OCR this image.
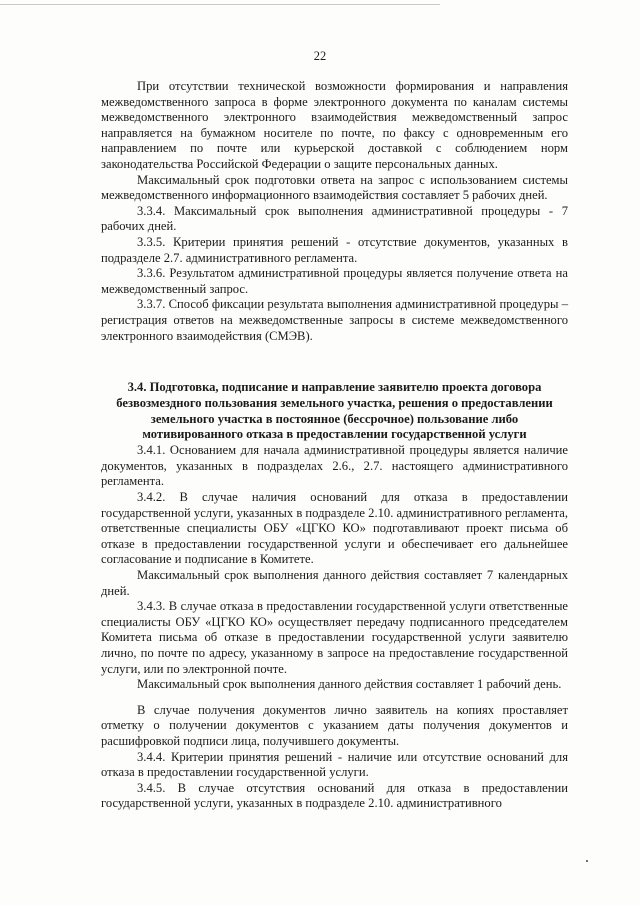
22

При отсутствии технической возможности формирования и направления межведомственного запроса в форме электронного документа по каналам системы межведомственного электронного взаимодействия межведомственный запрос направляется на бумажном носителе по почте, по факсу с одновременным его направлением по почте или курьерской доставкой с соблюдением норм законодательства Российской Федерации о защите персональных данных.

Максимальный срок подготовки ответа на запрос с использованием системы межведомственного информационного взаимодействия составляет 5 рабочих дней.

3.3.4. Максимальный срок выполнения административной процедуры - 7 рабочих дней.

3.3.5. Критерии принятия решений - отсутствие документов, указанных в подразделе 2.7. административного регламента.

3.3.6. Результатом административной процедуры является получение ответа на межведомственный запрос.

3.3.7. Способ фиксации результата выполнения административной процедуры – регистрация ответов на межведомственные запросы в системе межведомственного электронного взаимодействия (СМЭВ).

3.4. Подготовка, подписание и направление заявителю проекта договора безвозмездного пользования земельного участка, решения о предоставлении земельного участка в постоянное (бессрочное) пользование либо мотивированного отказа в предоставлении государственной услуги

3.4.1. Основанием для начала административной процедуры является наличие документов, указанных в подразделах 2.6., 2.7. настоящего административного регламента.

3.4.2. В случае наличия оснований для отказа в предоставлении государственной услуги, указанных в подразделе 2.10. административного регламента, ответственные специалисты ОБУ «ЦГКО КО» подготавливают проект письма об отказе в предоставлении государственной услуги и обеспечивает его дальнейшее согласование и подписание в Комитете.

Максимальный срок выполнения данного действия составляет 7 календарных дней.

3.4.3. В случае отказа в предоставлении государственной услуги ответственные специалисты ОБУ «ЦГКО КО» осуществляет передачу подписанного председателем Комитета письма об отказе в предоставлении государственной услуги заявителю лично, по почте по адресу, указанному в запросе на предоставление государственной услуги, или по электронной почте.

Максимальный срок выполнения данного действия составляет 1 рабочий день.

В случае получения документов лично заявитель на копиях проставляет отметку о получении документов с указанием даты получения документов и расшифровкой подписи лица, получившего документы.

3.4.4. Критерии принятия решений - наличие или отсутствие оснований для отказа в предоставлении государственной услуги.

3.4.5. В случае отсутствия оснований для отказа в предоставлении государственной услуги, указанных в подразделе 2.10. административного
